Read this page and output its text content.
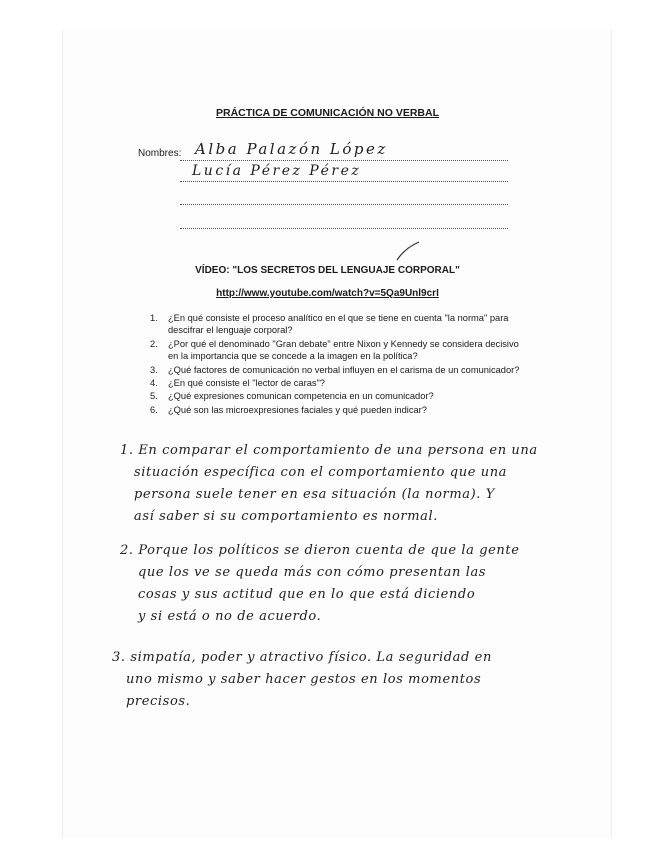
PRÁCTICA DE COMUNICACIÓN NO VERBAL
Nombres: Alba Palazón López
Lucía Pérez Pérez
VÍDEO: "LOS SECRETOS DEL LENGUAJE CORPORAL"
http://www.youtube.com/watch?v=5Qa9Unl9crI
1. ¿En qué consiste el proceso analítico en el que se tiene en cuenta "la norma" para descifrar el lenguaje corporal?
2. ¿Por qué el denominado "Gran debate" entre Nixon y Kennedy se considera decisivo en la importancia que se concede a la imagen en la política?
3. ¿Qué factores de comunicación no verbal influyen en el carisma de un comunicador?
4. ¿En qué consiste el "lector de caras"?
5. ¿Qué expresiones comunican competencia en un comunicador?
6. ¿Qué son las microexpresiones faciales y qué pueden indicar?
1. En comparar el comportamiento de una persona en una
situación específica con el comportamiento que una
persona suele tener en esa situación (la norma). Y
así saber si su comportamiento es normal.
2. Porque los políticos se dieron cuenta de que la gente
que los ve se queda más con cómo presentan las
cosas y sus actitud que en lo que está diciendo
y si está o no de acuerdo.
3. simpatía, poder y atractivo físico. La seguridad en
uno mismo y saber hacer gestos en los momentos
precisos.
